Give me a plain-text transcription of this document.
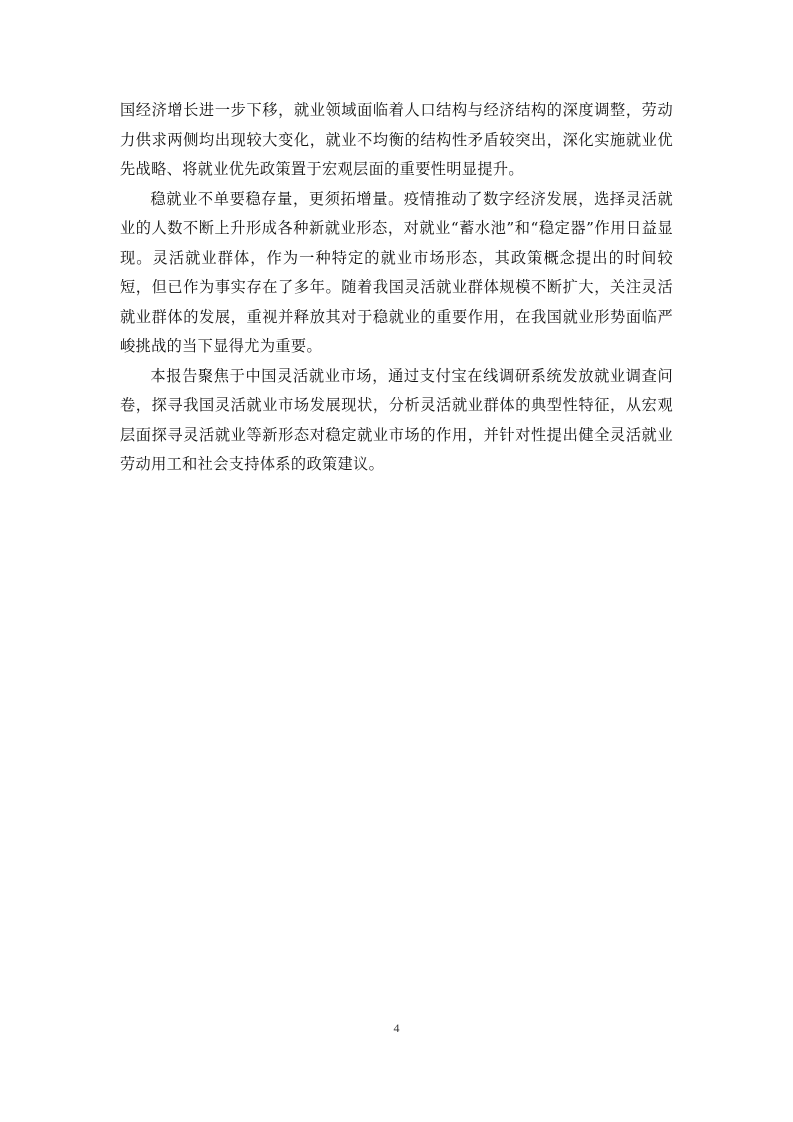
国经济增长进一步下移，就业领域面临着人口结构与经济结构的深度调整，劳动力供求两侧均出现较大变化，就业不均衡的结构性矛盾较突出，深化实施就业优先战略、将就业优先政策置于宏观层面的重要性明显提升。

稳就业不单要稳存量，更须拓增量。疫情推动了数字经济发展，选择灵活就业的人数不断上升形成各种新就业形态，对就业“蓄水池”和“稳定器”作用日益显现。灵活就业群体，作为一种特定的就业市场形态，其政策概念提出的时间较短，但已作为事实存在了多年。随着我国灵活就业群体规模不断扩大，关注灵活就业群体的发展，重视并释放其对于稳就业的重要作用，在我国就业形势面临严峻挑战的当下显得尤为重要。

本报告聚焦于中国灵活就业市场，通过支付宝在线调研系统发放就业调查问卷，探寻我国灵活就业市场发展现状，分析灵活就业群体的典型性特征，从宏观层面探寻灵活就业等新形态对稳定就业市场的作用，并针对性提出健全灵活就业劳动用工和社会支持体系的政策建议。

4
